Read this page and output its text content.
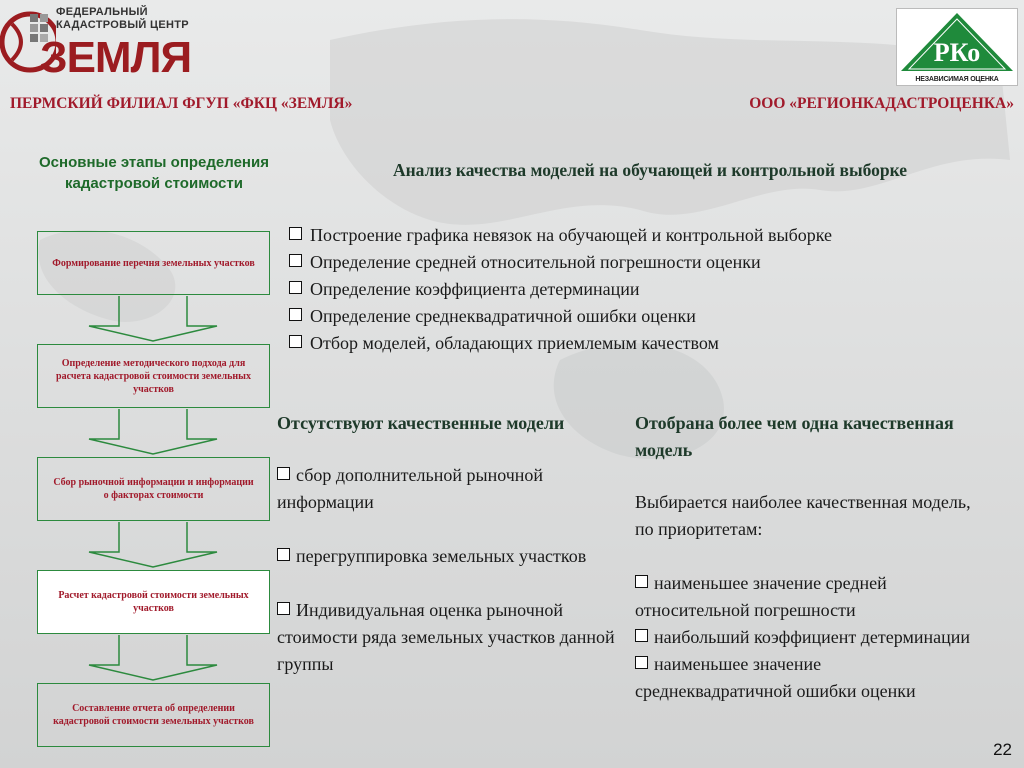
ФЕДЕРАЛЬНЫЙ
КАДАСТРОВЫЙ ЦЕНТР
ЗЕМЛЯ	РКо
НЕЗАВИСИМАЯ ОЦЕНКА
ПЕРМСКИЙ ФИЛИАЛ ФГУП «ФКЦ «ЗЕМЛЯ»	ООО «РЕГИОНКАДАСТРОЦЕНКА»
Основные этапы определения кадастровой стоимости
Формирование перечня земельных участков
Определение методического подхода для расчета кадастровой стоимости земельных участков
Сбор рыночной информации и информации о факторах стоимости
Расчет кадастровой стоимости земельных участков
Составление отчета об определении кадастровой стоимости земельных участков
Анализ качества моделей на обучающей и контрольной выборке
Построение графика невязок на обучающей и контрольной выборке
Определение средней относительной погрешности оценки
Определение коэффициента детерминации
Определение среднеквадратичной ошибки оценки
Отбор моделей, обладающих приемлемым качеством
Отсутствуют качественные модели
сбор дополнительной рыночной информации
перегруппировка земельных участков
Индивидуальная оценка рыночной стоимости ряда земельных участков данной группы
Отобрана более чем одна качественная модель
Выбирается наиболее качественная модель, по приоритетам:
наименьшее значение средней относительной погрешности
наибольший коэффициент детерминации
наименьшее значение среднеквадратичной ошибки оценки
22
